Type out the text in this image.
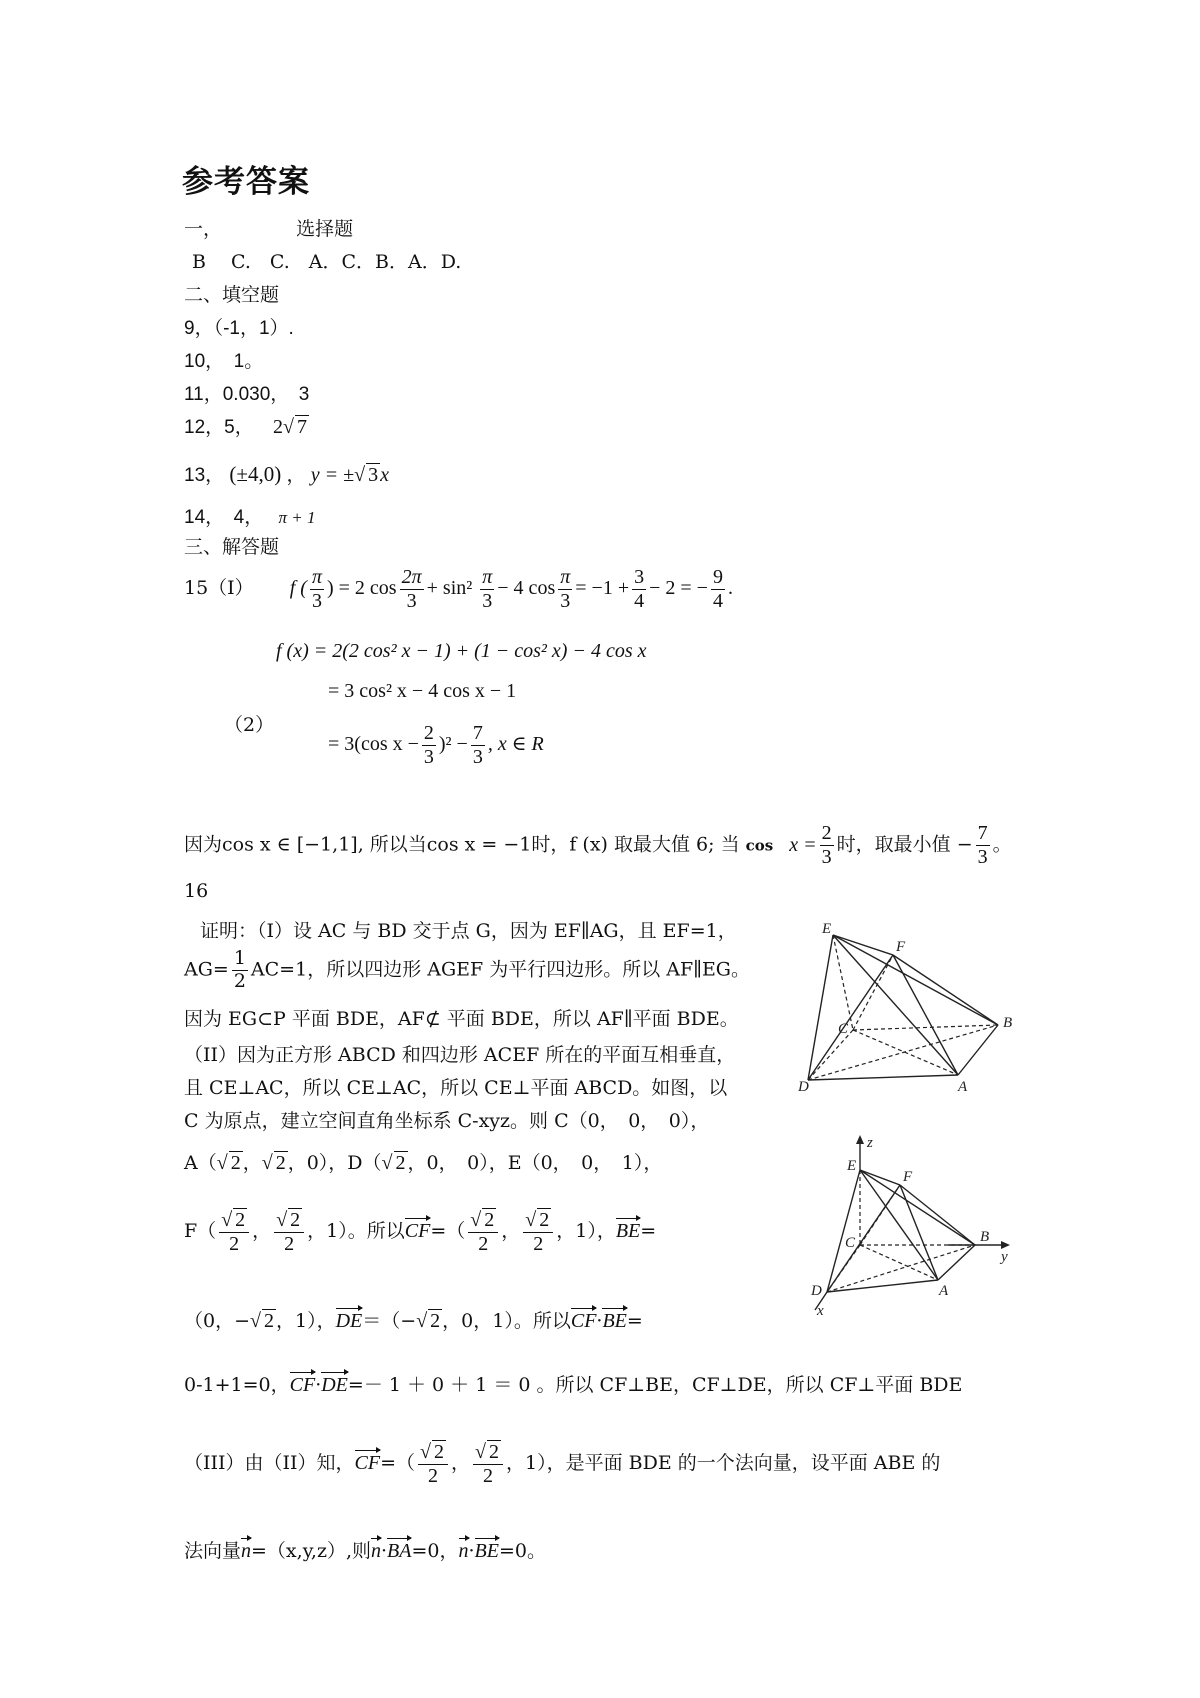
参考答案
一，	选择题
B　 C.　C.　A．C．B．A．D.
二、填空题
9，（-1，1）.
10，　1。
11，0.030，　3
12，5， 2√ 7
13， (±4,0) ， y = ±√ 3 x
14，　4， π + 1
三、解答题
15（I） f ( $\frac{\pi}{3}$ ) = 2 $\cos \frac{2\pi}{3} + \sin^2 \frac{\pi}{3} - 4$ $\cos \frac{\pi}{3} = -1 + \frac{3}{4} - 2$ = − $\frac{9}{4}$ .
f (x) = 2(2 cos² x − 1) + (1 − cos² x) − 4 cos x
= 3 cos² x − 4 cos x − 1
（2）
= 3(cos $x - \frac{2}{3} )^2 - \frac{7}{3}$ , x ∈ R
因为cos x ∈ [−1,1], 所以当cos x = −1时，f (x) 取最大值 6; 当 $\cos x = \frac{2}{3}$ 时，取最小值 − $\frac{7}{3}$ 。
16
证明：（I）设 AC 与 BD 交于点 G，因为 EF∥AG，且 EF=1，
$AG= \frac{1}{2} AC=1$，所以四边形 AGEF 为平行四边形。所以 AF∥EG。
因为 EG⊂P 平面 BDE，AF⊄ 平面 BDE，所以 AF∥平面 BDE。
（II）因为正方形 ABCD 和四边形 ACEF 所在的平面互相垂直，
且 CE⊥AC，所以 CE⊥AC，所以 CE⊥平面 ABCD。如图，以
C 为原点，建立空间直角坐标系 C-xyz。则 C（0，　0，　0），
A（√ 2 ，√ 2 ，0），D（√ 2 ，0，　0），E（0，　0，　1），
$F( \frac{√ 2}{2}$ ， $\frac{√ 2}{2}$ ，1）。所以$CF=( \frac{√ 2}{2}$ ， $\frac{√ 2}{2}$ ，1），BE=
（0，−√ 2 ，1），DE＝（−√ 2 ，0，1）。所以CF·BE=
0-1+1=0，CF·DE=－ 1 ＋ 0 ＋ 1 ＝ 0 。所以 CF⊥BE，CF⊥DE，所以 CF⊥平面 BDE
（III）由（II）知，$CF=( \frac{√ 2}{2}$ ， $\frac{√ 2}{2}$ ，1），是平面 BDE 的一个法向量，设平面 ABE 的
法向量n=（x,y,z）,则n·BA=0，n·BE=0。
E
F
C	B
D	A
z
E
F
C	B
y
D	A
x
